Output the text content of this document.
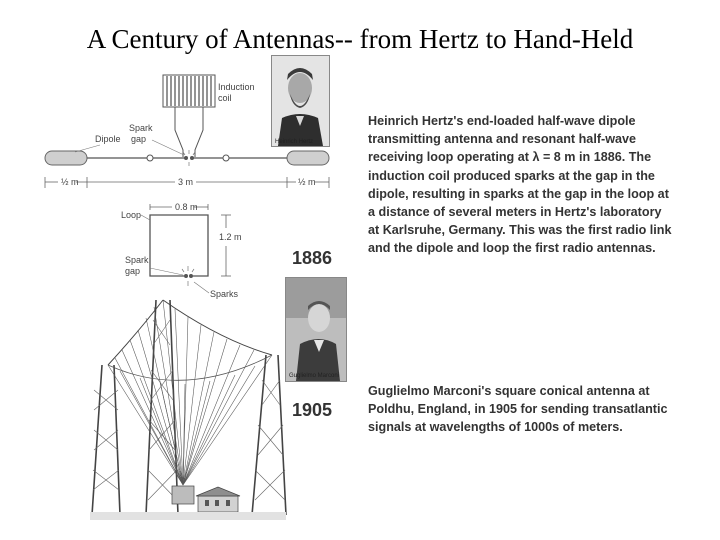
A Century of Antennas-- from Hertz to Hand-Held
Induction
coil
Spark
gap
Dipole
½ m	3 m	½ m
0.8 m
1.2 m
Loop
Spark
gap
Sparks
Heinrich Hertz
Guglielmo Marconi
1886
1905
Heinrich Hertz's end-loaded half-wave dipole
transmitting antenna and resonant half-wave
receiving loop operating at λ = 8 m in 1886. The
induction coil produced sparks at the gap in the
dipole, resulting in sparks at the gap in the loop at
a distance of several meters in Hertz's laboratory
at Karlsruhe, Germany. This was the first radio link
and the dipole and loop the first radio antennas.
Guglielmo Marconi's square conical antenna at
Poldhu, England, in 1905 for sending transatlantic
signals at wavelengths of 1000s of meters.
